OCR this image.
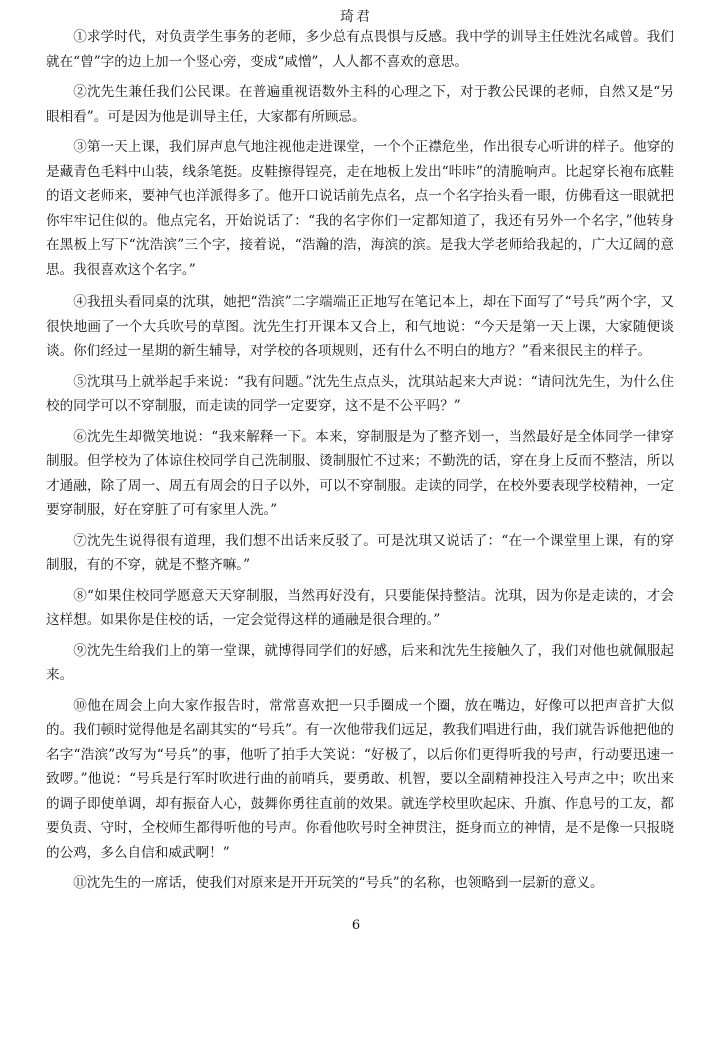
琦君

①求学时代，对负责学生事务的老师，多少总有点畏惧与反感。我中学的训导主任姓沈名咸曾。我们就在“曾”字的边上加一个竖心旁，变成“咸憎”，人人都不喜欢的意思。

②沈先生兼任我们公民课。在普遍重视语数外主科的心理之下，对于教公民课的老师，自然又是“另眼相看”。可是因为他是训导主任，大家都有所顾忌。

③第一天上课，我们屏声息气地注视他走进课堂，一个个正襟危坐，作出很专心听讲的样子。他穿的是藏青色毛料中山装，线条笔挺。皮鞋擦得锃亮，走在地板上发出“咔咔”的清脆响声。比起穿长袍布底鞋的语文老师来，要神气也洋派得多了。他开口说话前先点名，点一个名字抬头看一眼，仿佛看这一眼就把你牢牢记住似的。他点完名，开始说话了：“我的名字你们一定都知道了，我还有另外一个名字，”他转身在黑板上写下“沈浩滨”三个字，接着说，“浩瀚的浩，海滨的滨。是我大学老师给我起的，广大辽阔的意思。我很喜欢这个名字。”

④我扭头看同桌的沈琪，她把“浩滨”二字端端正正地写在笔记本上，却在下面写了“号兵”两个字，又很快地画了一个大兵吹号的草图。沈先生打开课本又合上，和气地说：“今天是第一天上课，大家随便谈谈。你们经过一星期的新生辅导，对学校的各项规则，还有什么不明白的地方？”看来很民主的样子。

⑤沈琪马上就举起手来说：“我有问题。”沈先生点点头，沈琪站起来大声说：“请问沈先生，为什么住校的同学可以不穿制服，而走读的同学一定要穿，这不是不公平吗？”

⑥沈先生却微笑地说：“我来解释一下。本来，穿制服是为了整齐划一，当然最好是全体同学一律穿制服。但学校为了体谅住校同学自己洗制服、烫制服忙不过来；不勤洗的话，穿在身上反而不整洁，所以才通融，除了周一、周五有周会的日子以外，可以不穿制服。走读的同学，在校外要表现学校精神，一定要穿制服，好在穿脏了可有家里人洗。”

⑦沈先生说得很有道理，我们想不出话来反驳了。可是沈琪又说话了：“在一个课堂里上课，有的穿制服，有的不穿，就是不整齐嘛。”

⑧“如果住校同学愿意天天穿制服，当然再好没有，只要能保持整洁。沈琪，因为你是走读的，才会这样想。如果你是住校的话，一定会觉得这样的通融是很合理的。”

⑨沈先生给我们上的第一堂课，就博得同学们的好感，后来和沈先生接触久了，我们对他也就佩服起来。

⑩他在周会上向大家作报告时，常常喜欢把一只手圈成一个圈，放在嘴边，好像可以把声音扩大似的。我们顿时觉得他是名副其实的“号兵”。有一次他带我们远足，教我们唱进行曲，我们就告诉他把他的名字“浩滨”改写为“号兵”的事，他听了拍手大笑说：“好极了，以后你们更得听我的号声，行动要迅速一致啰。”他说：“号兵是行军时吹进行曲的前哨兵，要勇敢、机智，要以全副精神投注入号声之中；吹出来的调子即使单调，却有振奋人心，鼓舞你勇往直前的效果。就连学校里吹起床、升旗、作息号的工友，都要负责、守时，全校师生都得听他的号声。你看他吹号时全神贯注，挺身而立的神情，是不是像一只报晓的公鸡，多么自信和威武啊！”

⑪沈先生的一席话，使我们对原来是开开玩笑的“号兵”的名称，也领略到一层新的意义。

6
